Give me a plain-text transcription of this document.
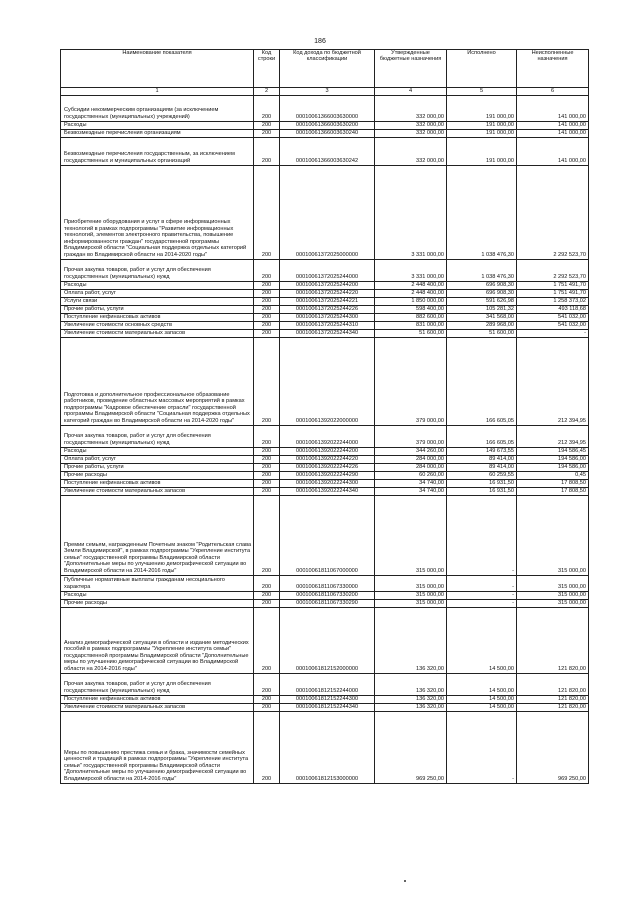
186
Наименование показателя	Код строки	Код дохода по бюджетной классификации	Утвержденные бюджетные назначения	Исполнено	Неисполненные назначения
1	2	3	4	5	6
Субсидии некоммерческим организациям (за исключением государственных (муниципальных) учреждений)	200	00010061366003630000	332 000,00	191 000,00	141 000,00
Расходы	200	00010061366003630200	332 000,00	191 000,00	141 000,00
Безвозмездные перечисления организациям	200	00010061366003630240	332 000,00	191 000,00	141 000,00
Безвозмездные перечисления государственным, за исключением государственных и муниципальных организаций	200	00010061366003630242	332 000,00	191 000,00	141 000,00
Приобретение оборудования и услуг в сфере информационных технологий в рамках подпрограммы "Развитие информационных технологий, элементов электронного правительства, повышение информированности граждан" государственной программы Владимирской области "Социальная поддержка отдельных категорий граждан во Владимирской области на 2014-2020 годы"	200	00010061372025000000	3 331 000,00	1 038 476,30	2 292 523,70
Прочая закупка товаров, работ и услуг для обеспечения государственных (муниципальных) нужд	200	00010061372025244000	3 331 000,00	1 038 476,30	2 292 523,70
Расходы	200	00010061372025244200	2 448 400,00	696 908,30	1 751 491,70
Оплата работ, услуг	200	00010061372025244220	2 448 400,00	696 908,30	1 751 491,70
Услуги связи	200	00010061372025244221	1 850 000,00	591 626,98	1 258 373,02
Прочие работы, услуги	200	00010061372025244226	598 400,00	105 281,32	493 118,68
Поступление нефинансовых активов	200	00010061372025244300	882 600,00	341 568,00	541 032,00
Увеличение стоимости основных средств	200	00010061372025244310	831 000,00	289 968,00	541 032,00
Увеличение стоимости материальных запасов	200	00010061372025244340	51 600,00	51 600,00	-
Подготовка и дополнительное профессиональное образование работников, проведение областных массовых мероприятий в рамках подпрограммы "Кадровое обеспечение отрасли" государственной программы Владимирской области "Социальная поддержка отдельных категорий граждан во Владимирской области на 2014-2020 годы"	200	00010061392022000000	379 000,00	166 605,05	212 394,95
Прочая закупка товаров, работ и услуг для обеспечения государственных (муниципальных) нужд	200	00010061392022244000	379 000,00	166 605,05	212 394,95
Расходы	200	00010061392022244200	344 260,00	149 673,55	194 586,45
Оплата работ, услуг	200	00010061392022244220	284 000,00	89 414,00	194 586,00
Прочие работы, услуги	200	00010061392022244226	284 000,00	89 414,00	194 586,00
Прочие расходы	200	00010061392022244290	60 260,00	60 259,55	0,45
Поступление нефинансовых активов	200	00010061392022244300	34 740,00	16 931,50	17 808,50
Увеличение стоимости материальных запасов	200	00010061392022244340	34 740,00	16 931,50	17 808,50
Премии семьям, награжденным Почетным знаком "Родительская слава Земли Владимирской", в рамках подпрограммы "Укрепление института семьи" государственной программы Владимирской области "Дополнительные меры по улучшению демографической ситуации во Владимирской области на 2014-2016 годы"	200	00010061811067000000	315 000,00	-	315 000,00
Публичные нормативные выплаты гражданам несоциального характера	200	00010061811067330000	315 000,00	-	315 000,00
Расходы	200	00010061811067330200	315 000,00	-	315 000,00
Прочие расходы	200	00010061811067330290	315 000,00	-	315 000,00
Анализ демографической ситуации в области и издание методических пособий в рамках подпрограммы "Укрепление института семьи" государственной программы Владимирской области "Дополнительные меры по улучшению демографической ситуации во Владимирской области на 2014-2016 годы"	200	00010061812152000000	136 320,00	14 500,00	121 820,00
Прочая закупка товаров, работ и услуг для обеспечения государственных (муниципальных) нужд	200	00010061812152244000	136 320,00	14 500,00	121 820,00
Поступление нефинансовых активов	200	00010061812152244300	136 320,00	14 500,00	121 820,00
Увеличение стоимости материальных запасов	200	00010061812152244340	136 320,00	14 500,00	121 820,00
Меры по повышению престижа семьи и брака, значимости семейных ценностей и традиций в рамках подпрограммы "Укрепление института семьи" государственной программы Владимирской области "Дополнительные меры по улучшению демографической ситуации во Владимирской области на 2014-2016 годы"	200	00010061812153000000	969 250,00	-	969 250,00
